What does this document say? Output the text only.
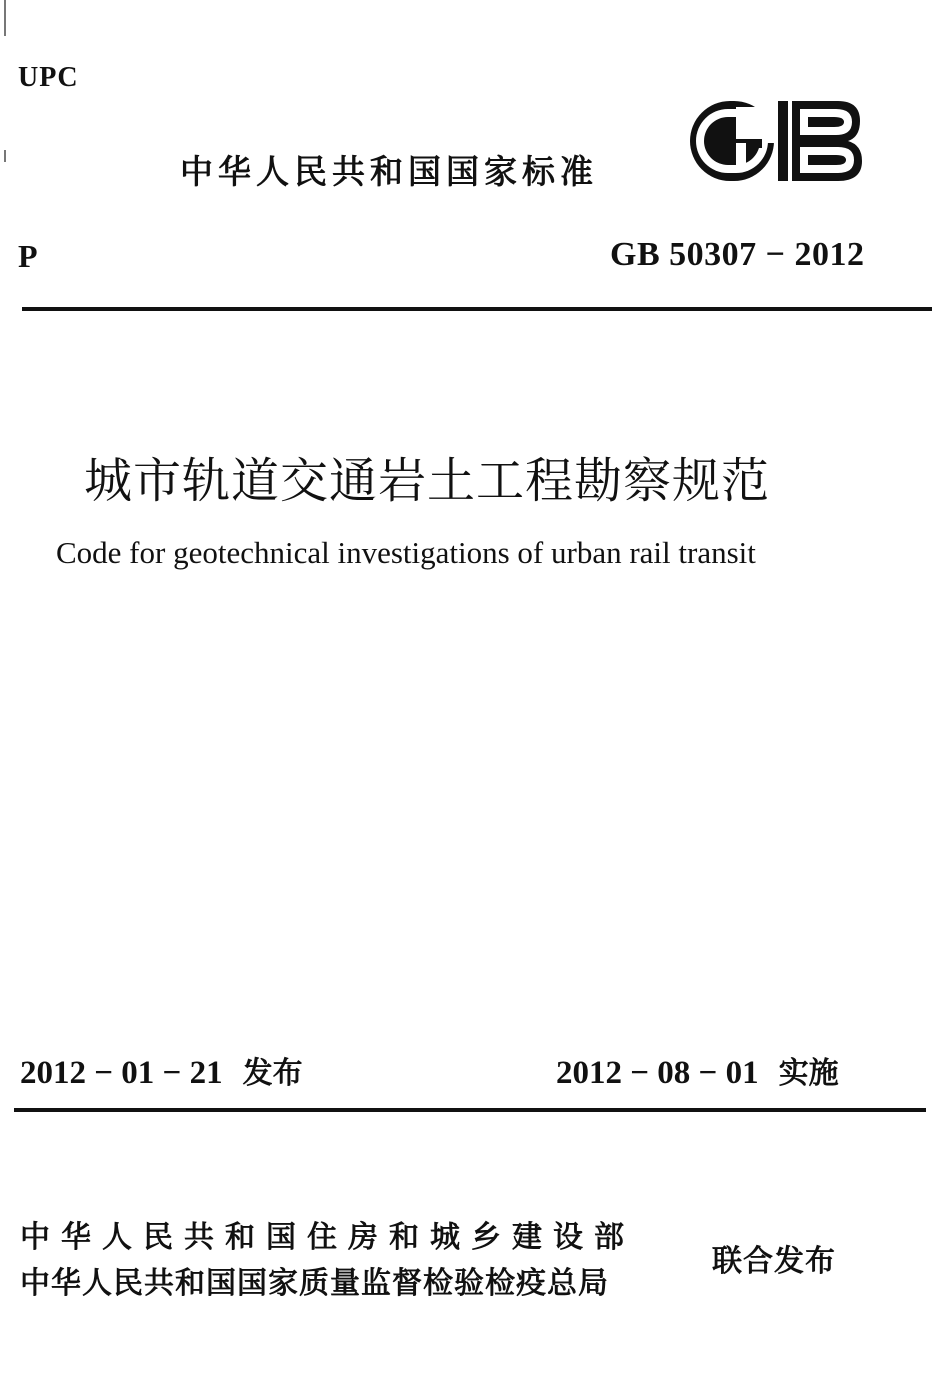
UPC
中华人民共和国国家标准
P	GB 50307 − 2012
城市轨道交通岩土工程勘察规范
Code for geotechnical investigations of urban rail transit
2012 − 01 − 21 发布	2012 − 08 − 01 实施
中华人民共和国住房和城乡建设部
中华人民共和国国家质量监督检验检疫总局
联合发布
